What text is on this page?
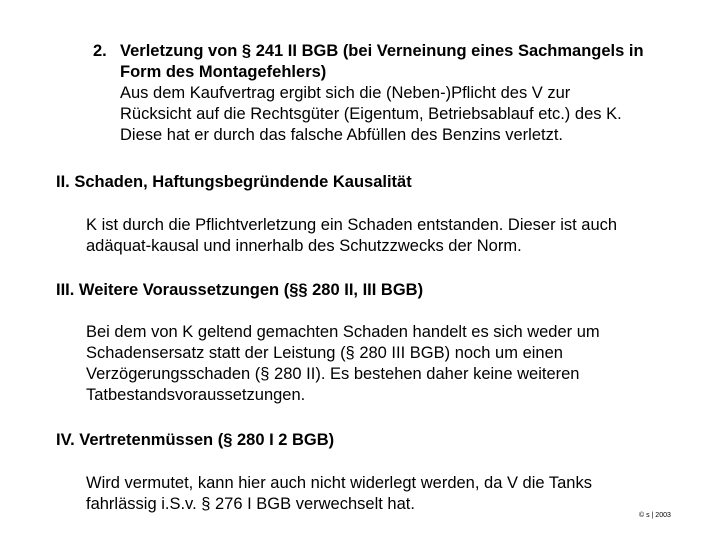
2. Verletzung von § 241 II BGB (bei Verneinung eines Sachmangels in
Form des Montagefehlers)
Aus dem Kaufvertrag ergibt sich die (Neben-)Pflicht des V zur
Rücksicht auf die Rechtsgüter (Eigentum, Betriebsablauf etc.) des K.
Diese hat er durch das falsche Abfüllen des Benzins verletzt.
II. Schaden, Haftungsbegründende Kausalität
K ist durch die Pflichtverletzung ein Schaden entstanden. Dieser ist auch
adäquat-kausal und innerhalb des Schutzzwecks der Norm.
III. Weitere Voraussetzungen (§§ 280 II, III BGB)
Bei dem von K geltend gemachten Schaden handelt es sich weder um
Schadensersatz statt der Leistung (§ 280 III BGB) noch um einen
Verzögerungsschaden (§ 280 II). Es bestehen daher keine weiteren
Tatbestandsvoraussetzungen.
IV. Vertretenmüssen (§ 280 I 2 BGB)
Wird vermutet, kann hier auch nicht widerlegt werden, da V die Tanks
fahrlässig i.S.v. § 276 I BGB verwechselt hat.
© s | 2003
